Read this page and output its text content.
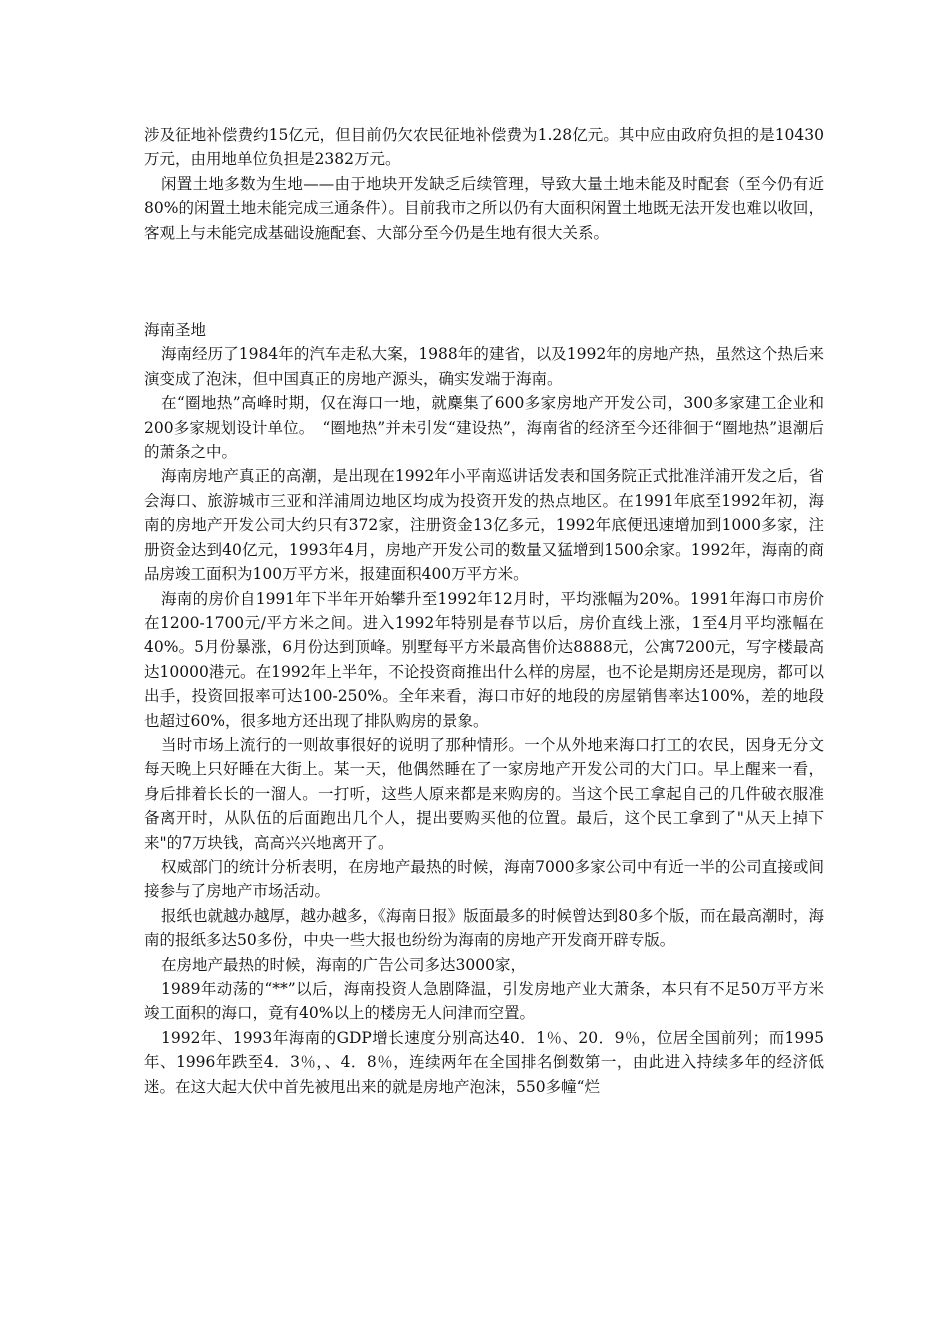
涉及征地补偿费约15亿元，但目前仍欠农民征地补偿费为1.28亿元。其中应由政府负担的是10430万元，由用地单位负担是2382万元。

闲置土地多数为生地——由于地块开发缺乏后续管理，导致大量土地未能及时配套（至今仍有近80%的闲置土地未能完成三通条件）。目前我市之所以仍有大面积闲置土地既无法开发也难以收回，客观上与未能完成基础设施配套、大部分至今仍是生地有很大关系。

海南圣地

海南经历了1984年的汽车走私大案，1988年的建省，以及1992年的房地产热，虽然这个热后来演变成了泡沫，但中国真正的房地产源头，确实发端于海南。

在“圈地热”高峰时期，仅在海口一地，就麇集了600多家房地产开发公司，300多家建工企业和200多家规划设计单位。　“圈地热”并未引发“建设热”，海南省的经济至今还徘徊于“圈地热”退潮后的萧条之中。

海南房地产真正的高潮，是出现在1992年小平南巡讲话发表和国务院正式批准洋浦开发之后，省会海口、旅游城市三亚和洋浦周边地区均成为投资开发的热点地区。在1991年底至1992年初，海南的房地产开发公司大约只有372家，注册资金13亿多元，1992年底便迅速增加到1000多家，注册资金达到40亿元，1993年4月，房地产开发公司的数量又猛增到1500余家。1992年，海南的商品房竣工面积为100万平方米，报建面积400万平方米。

海南的房价自1991年下半年开始攀升至1992年12月时，平均涨幅为20%。1991年海口市房价在1200-1700元/平方米之间。进入1992年特别是春节以后，房价直线上涨，1至4月平均涨幅在40%。5月份暴涨，6月份达到顶峰。别墅每平方米最高售价达8888元，公寓7200元，写字楼最高达10000港元。在1992年上半年，不论投资商推出什么样的房屋，也不论是期房还是现房，都可以出手，投资回报率可达100-250%。全年来看，海口市好的地段的房屋销售率达100%，差的地段也超过60%，很多地方还出现了排队购房的景象。

当时市场上流行的一则故事很好的说明了那种情形。一个从外地来海口打工的农民，因身无分文每天晚上只好睡在大街上。某一天，他偶然睡在了一家房地产开发公司的大门口。早上醒来一看，身后排着长长的一溜人。一打听，这些人原来都是来购房的。当这个民工拿起自己的几件破衣服准备离开时，从队伍的后面跑出几个人，提出要购买他的位置。最后，这个民工拿到了"从天上掉下来"的7万块钱，高高兴兴地离开了。

权威部门的统计分析表明，在房地产最热的时候，海南7000多家公司中有近一半的公司直接或间接参与了房地产市场活动。

报纸也就越办越厚，越办越多，《海南日报》版面最多的时候曾达到80多个版，而在最高潮时，海南的报纸多达50多份，中央一些大报也纷纷为海南的房地产开发商开辟专版。

在房地产最热的时候，海南的广告公司多达3000家，

1989年动荡的“**”以后，海南投资人急剧降温，引发房地产业大萧条，本只有不足50万平方米竣工面积的海口，竟有40%以上的楼房无人问津而空置。

1992年、1993年海南的GDP增长速度分别高达40．1％、20．9％，位居全国前列；而1995年、1996年跌至4．3％，、4．8％，连续两年在全国排名倒数第一，由此进入持续多年的经济低迷。在这大起大伏中首先被甩出来的就是房地产泡沫，550多幢“烂
